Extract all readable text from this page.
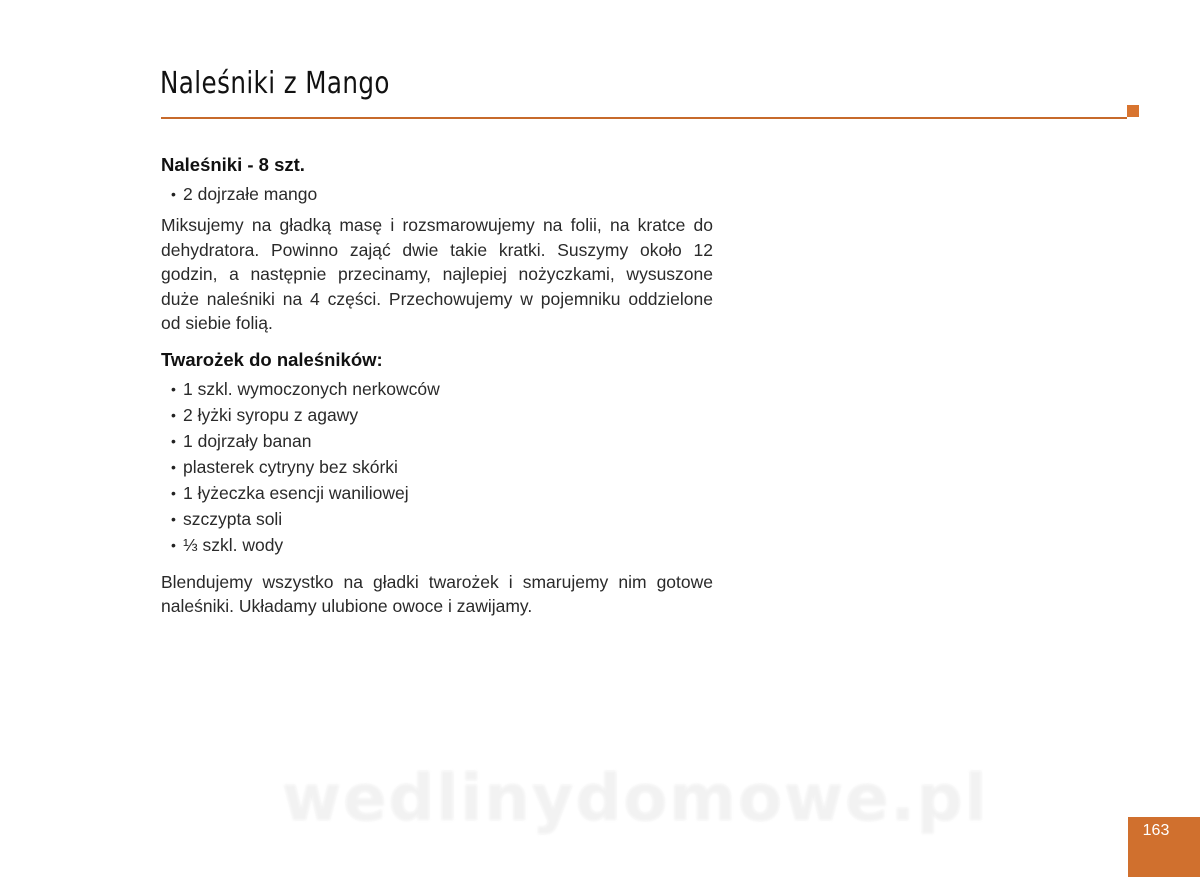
Naleśniki z Mango
Naleśniki - 8 szt.
• 2 dojrzałe mango

Miksujemy na gładką masę i rozsmarowujemy na folii, na kratce do dehydratora. Powinno zająć dwie takie kratki. Suszymy około 12 godzin, a następnie przecinamy, najlepiej nożyczkami, wysuszone duże naleśniki na 4 części. Przechowujemy w pojemniku oddzielone od siebie folią.

Twarożek do naleśników:
• 1 szkl. wymoczonych nerkowców
• 2 łyżki syropu z agawy
• 1 dojrzały banan
• plasterek cytryny bez skórki
• 1 łyżeczka esencji waniliowej
• szczypta soli
• ⅓ szkl. wody

Blendujemy wszystko na gładki twarożek i smarujemy nim gotowe naleśniki. Układamy ulubione owoce i zawijamy.

wedlinydomowe.pl	163
